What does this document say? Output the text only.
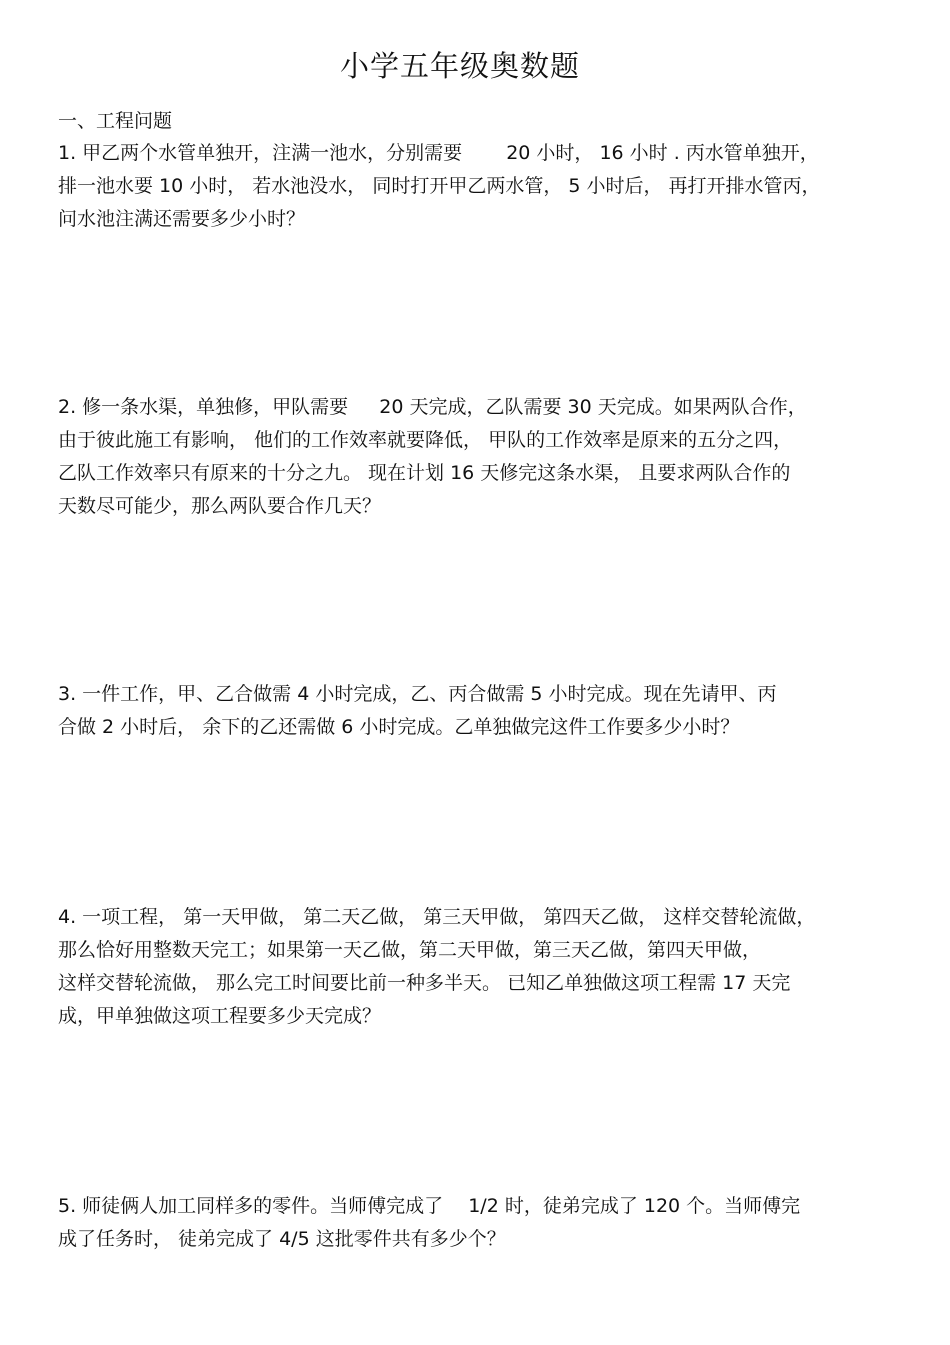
小学五年级奥数题
一、工程问题
1. 甲乙两个水管单独开，注满一池水，分别需要 　　20 小时， 16 小时 . 丙水管单独开，
排一池水要 10 小时， 若水池没水， 同时打开甲乙两水管， 5 小时后， 再打开排水管丙，
问水池注满还需要多少小时？
2. 修一条水渠，单独修，甲队需要 　 20 天完成，乙队需要 30 天完成。如果两队合作，
由于彼此施工有影响， 他们的工作效率就要降低， 甲队的工作效率是原来的五分之四，
乙队工作效率只有原来的十分之九。 现在计划 16 天修完这条水渠， 且要求两队合作的
天数尽可能少，那么两队要合作几天？
3. 一件工作，甲、乙合做需 4 小时完成，乙、丙合做需 5 小时完成。现在先请甲、丙
合做 2 小时后， 余下的乙还需做 6 小时完成。乙单独做完这件工作要多少小时？
4. 一项工程， 第一天甲做， 第二天乙做， 第三天甲做， 第四天乙做， 这样交替轮流做，
那么恰好用整数天完工；如果第一天乙做，第二天甲做，第三天乙做，第四天甲做，
这样交替轮流做， 那么完工时间要比前一种多半天。 已知乙单独做这项工程需 17 天完
成，甲单独做这项工程要多少天完成？
5. 师徒俩人加工同样多的零件。当师傅完成了 　1/2 时，徒弟完成了 120 个。当师傅完
成了任务时， 徒弟完成了 4/5 这批零件共有多少个？
